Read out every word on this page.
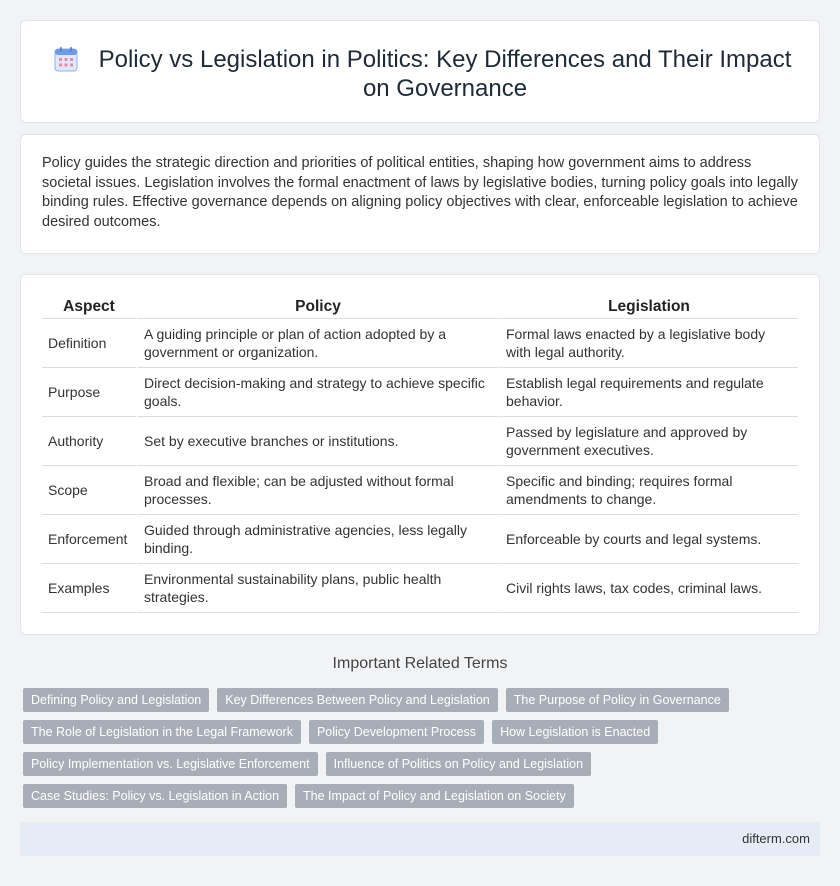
Policy vs Legislation in Politics: Key Differences and Their Impact on Governance

Policy guides the strategic direction and priorities of political entities, shaping how government aims to address societal issues. Legislation involves the formal enactment of laws by legislative bodies, turning policy goals into legally binding rules. Effective governance depends on aligning policy objectives with clear, enforceable legislation to achieve desired outcomes.

Aspect	Policy	Legislation
Definition	A guiding principle or plan of action adopted by a government or organization.	Formal laws enacted by a legislative body with legal authority.
Purpose	Direct decision-making and strategy to achieve specific goals.	Establish legal requirements and regulate behavior.
Authority	Set by executive branches or institutions.	Passed by legislature and approved by government executives.
Scope	Broad and flexible; can be adjusted without formal processes.	Specific and binding; requires formal amendments to change.
Enforcement	Guided through administrative agencies, less legally binding.	Enforceable by courts and legal systems.
Examples	Environmental sustainability plans, public health strategies.	Civil rights laws, tax codes, criminal laws.
Important Related Terms
Defining Policy and Legislation	Key Differences Between Policy and Legislation	The Purpose of Policy in Governance
The Role of Legislation in the Legal Framework	Policy Development Process	How Legislation is Enacted
Policy Implementation vs. Legislative Enforcement	Influence of Politics on Policy and Legislation
Case Studies: Policy vs. Legislation in Action	The Impact of Policy and Legislation on Society
difterm.com
